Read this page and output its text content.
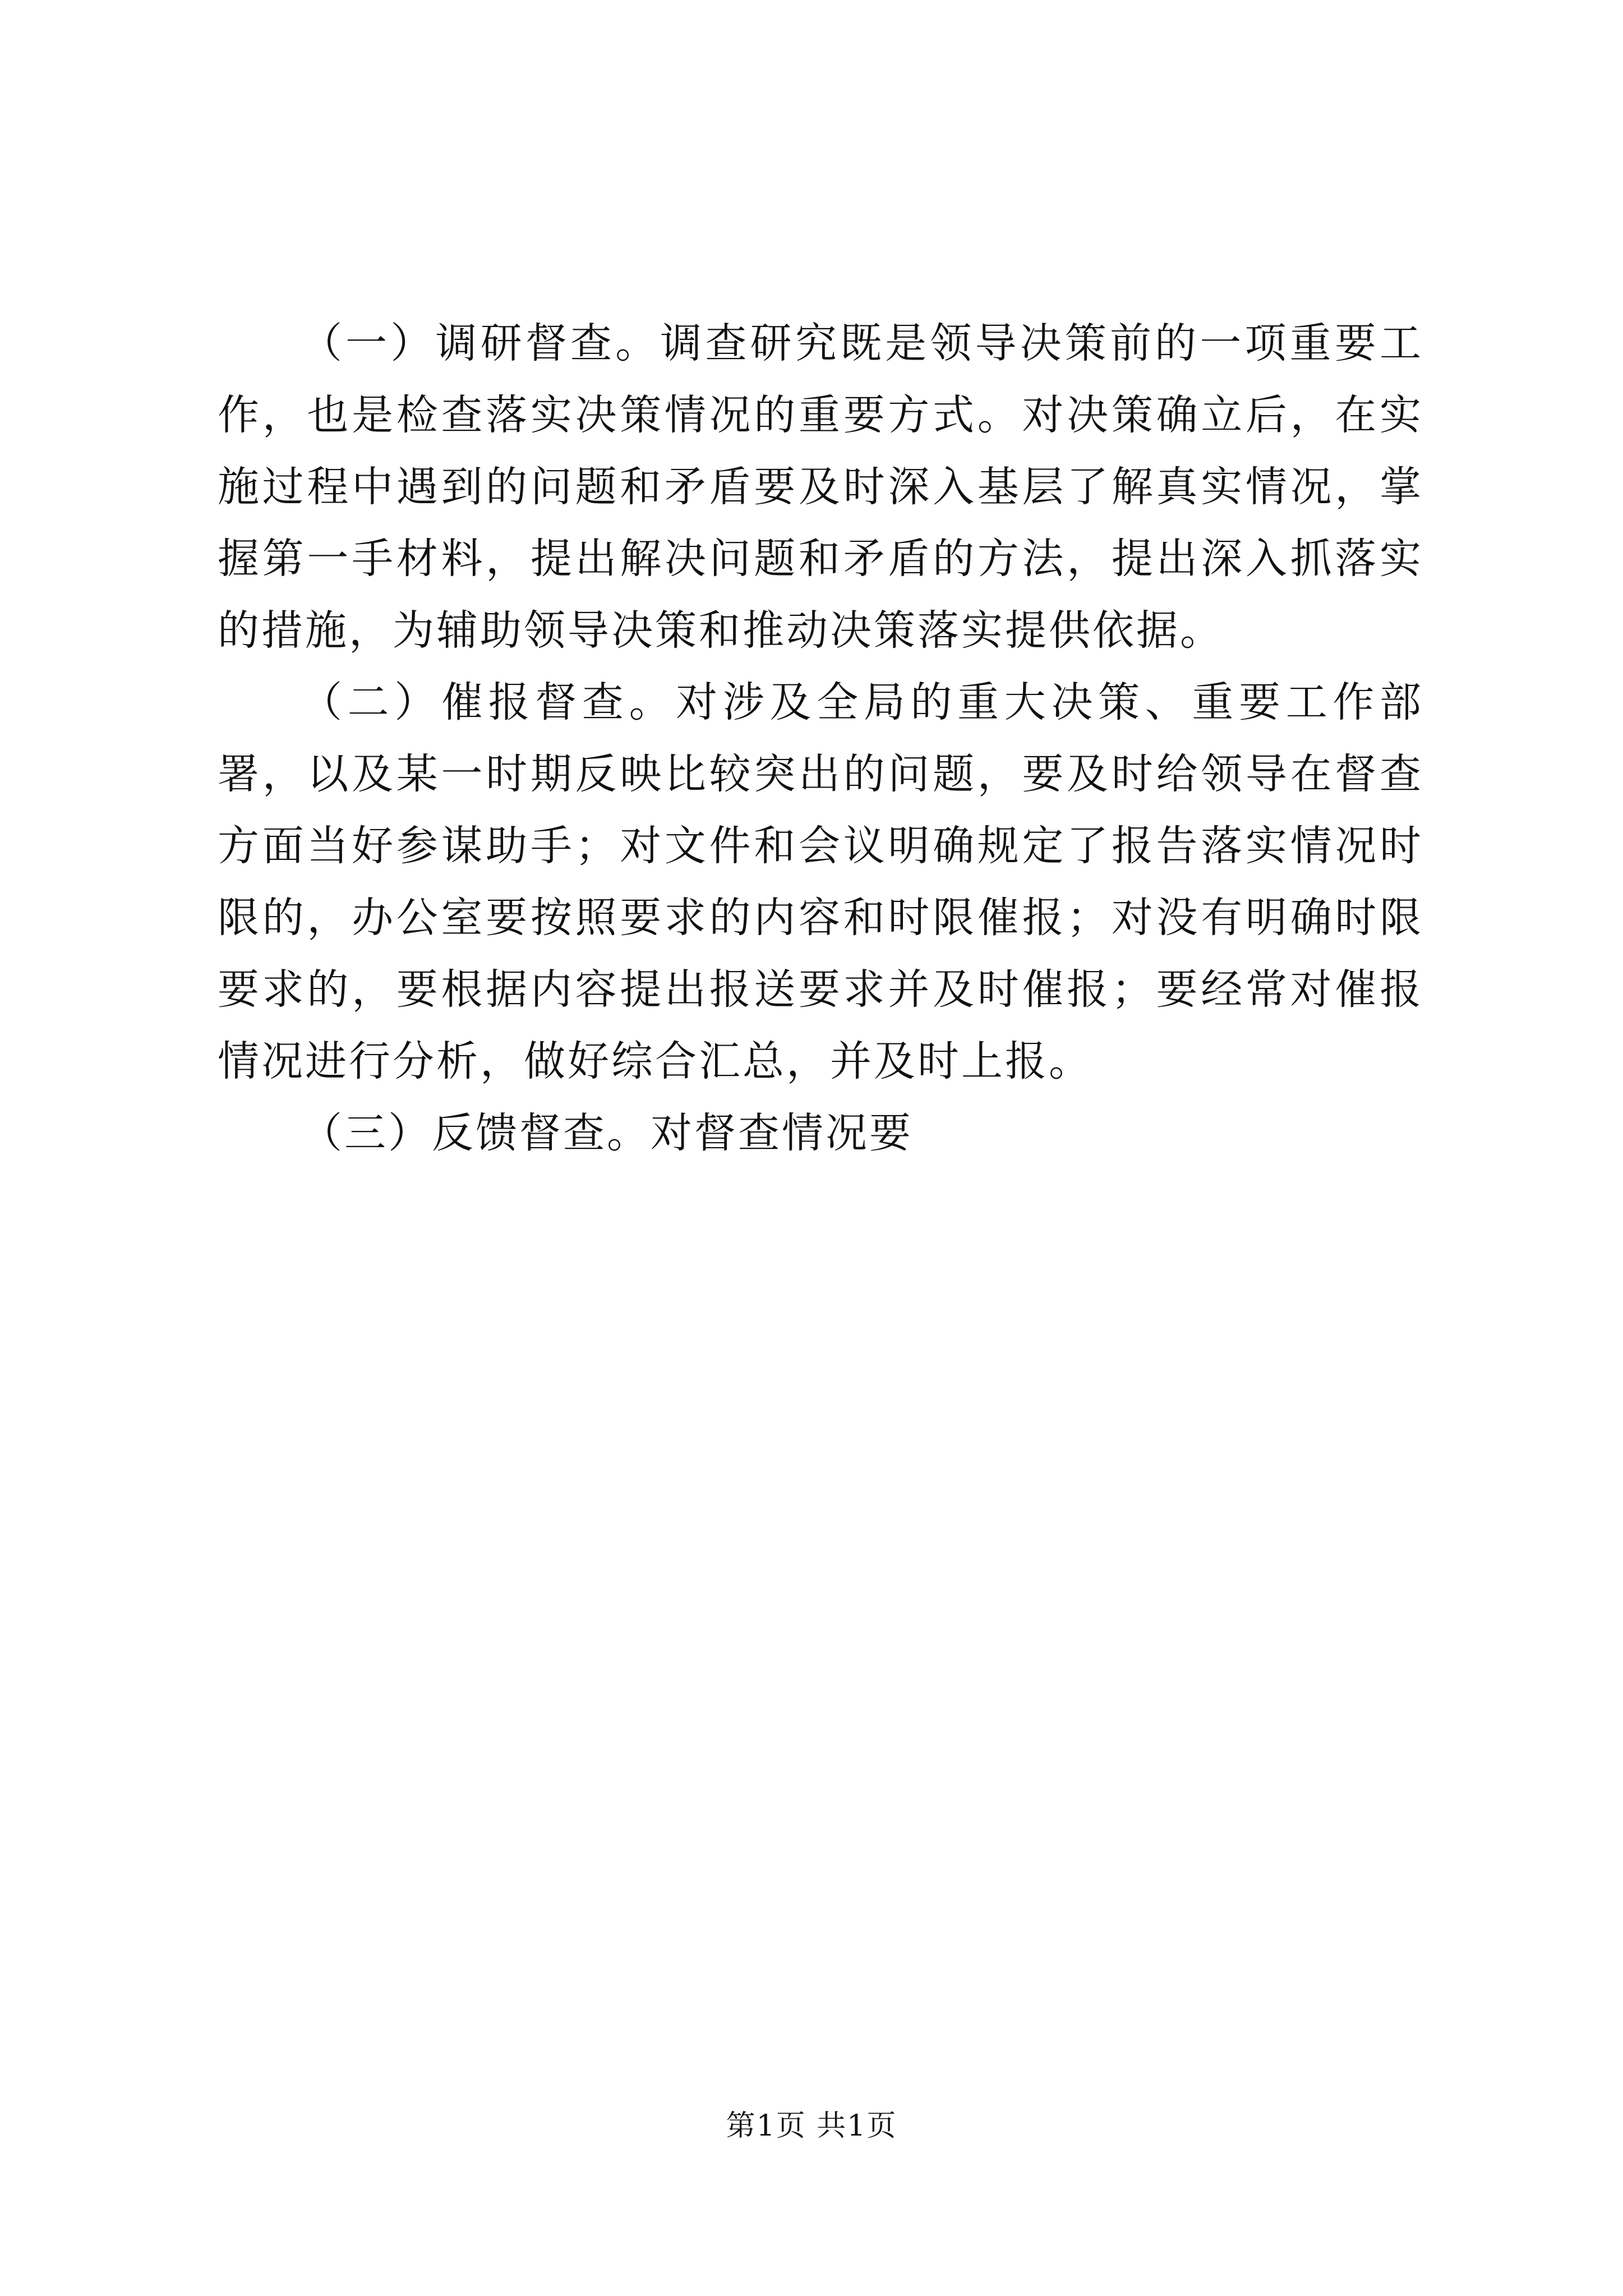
（一）调研督查。调查研究既是领导决策前的一项重要工作，也是检查落实决策情况的重要方式。对决策确立后，在实施过程中遇到的问题和矛盾要及时深入基层了解真实情况，掌握第一手材料，提出解决问题和矛盾的方法，提出深入抓落实的措施，为辅助领导决策和推动决策落实提供依据。

（二）催报督查。对涉及全局的重大决策、重要工作部署，以及某一时期反映比较突出的问题，要及时给领导在督查方面当好参谋助手；对文件和会议明确规定了报告落实情况时限的，办公室要按照要求的内容和时限催报；对没有明确时限要求的，要根据内容提出报送要求并及时催报；要经常对催报情况进行分析，做好综合汇总，并及时上报。

（三）反馈督查。对督查情况要

第1页 共1页
